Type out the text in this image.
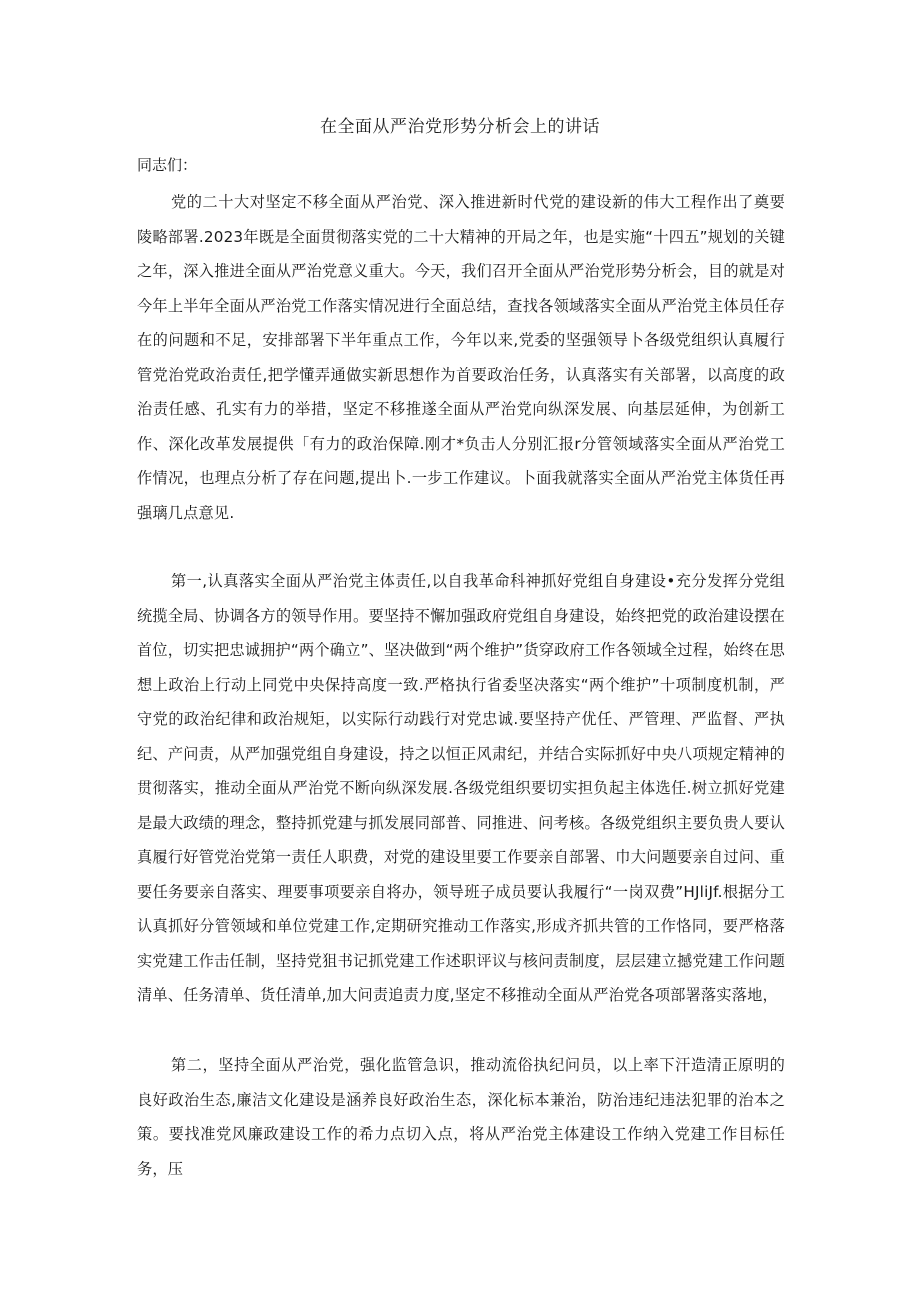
在全面从严治党形势分析会上的讲话
同志们：

党的二十大对坚定不移全面从严治党、深入推进新时代党的建设新的伟大工程作出了奠要陵略部署.2023年既是全面贯彻落实党的二十大精神的开局之年，也是实施“十四五”规划的关键之年，深入推进全面从严治党意义重大。今天，我们召开全面从严治党形势分析会，目的就是对今年上半年全面从严治党工作落实情况进行全面总结，查找各领域落实全面从严治党主体员任存在的问题和不足，安排部署下半年重点工作，今年以来,党委的坚强领导卜各级党组织认真履行管党治党政治责任,把学懂弄通做实新思想作为首要政治任务，认真落实有关部署，以高度的政治责任感、孔实有力的举措，坚定不移推遂全面从严治党向纵深发展、向基层延伸，为创新工作、深化改革发展提供「有力的政治保障.刚才*负击人分别汇报r分管领域落实全面从严治党工作情况，也理点分析了存在问题,提出卜.一步工作建议。卜面我就落实全面从严治党主体货任再强璃几点意见.

第一,认真落实全面从严治党主体责任,以自我革命科神抓好党组自身建设•充分发挥分党组统揽全局、协调各方的领导作用。要坚持不懈加强政府党组自身建设，始终把党的政治建设摆在首位，切实把忠诚拥护“两个确立”、坚决做到“两个维护”货穿政府工作各领域全过程，始终在思想上政治上行动上同党中央保持高度一致.严格执行省委坚决落实“两个维护”十项制度机制，严守党的政治纪律和政治规矩，以实际行动践行对党忠诚.要坚持产优任、严管理、严监督、严执纪、产问责，从严加强党组自身建设，持之以恒正风肃纪，并结合实际抓好中央八项规定精神的贯彻落实，推动全面从严治党不断向纵深发展.各级党组织要切实担负起主体选任.树立抓好党建是最大政绩的理念，整持抓党建与抓发展同部普、同推进、问考核。各级党组织主要负贵人要认真履行好管党治党第一责任人职费，对党的建设里要工作要亲自部署、巾大问题要亲自过问、重要任务要亲自落实、理要事项要亲自将办，领导班子成员要认我履行“一岗双费”HJliJf.根据分工认真抓好分管领域和单位党建工作,定期研究推动工作落实,形成齐抓共管的工作恪同，要严格落实党建工作击任制，坚持党狙书记抓党建工作述职评议与核问责制度，层层建立撼党建工作问题清单、任务清单、货任清单,加大问责追责力度,坚定不移推动全面从严治党各项部署落实落地，

第二，坚持全面从严治党，强化监管急识，推动流俗执纪问员，以上率下汗造清正原明的良好政治生态,廉洁文化建设是涵养良好政治生态，深化标本兼治，防治违纪违法犯罪的治本之策。要找准党风廉政建设工作的希力点切入点，将从严治党主体建设工作纳入党建工作目标任务，压
